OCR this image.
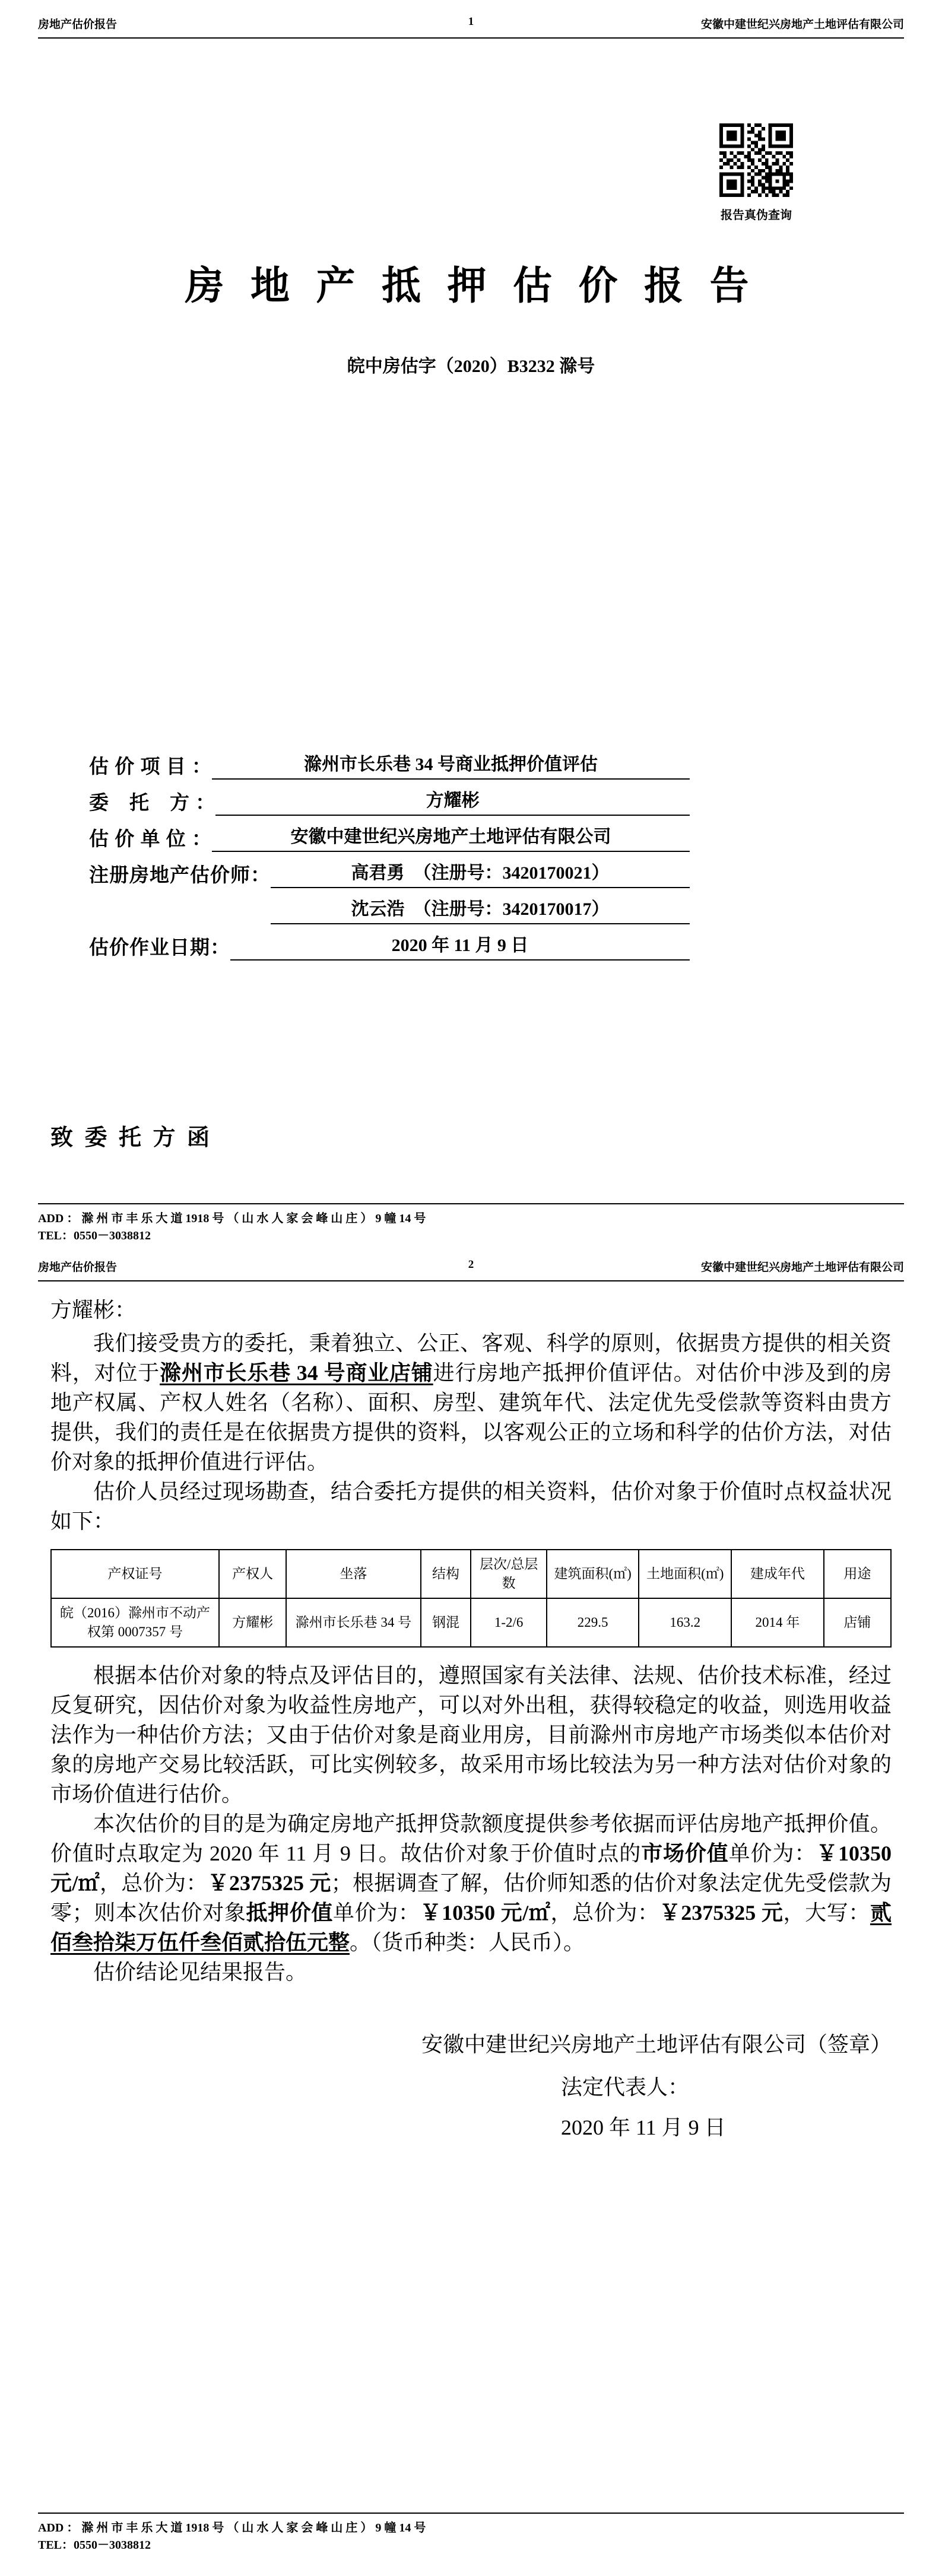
房地产估价报告	1	安徽中建世纪兴房地产土地评估有限公司
报告真伪查询
房 地 产 抵 押 估 价 报 告
皖中房估字（2020）B3232 滁号
估 价 项 目 ：	滁州市长乐巷 34 号商业抵押价值评估
委　托　方 ：	方耀彬
估 价 单 位 ：	安徽中建世纪兴房地产土地评估有限公司
注册房地产估价师：	高君勇　（注册号：3420170021）

沈云浩　（注册号：3420170017）
估价作业日期：	2020 年 11 月 9 日
致 委 托 方 函
ADD ： 滁 州 市 丰 乐 大 道 1918 号 （ 山 水 人 家 会 峰 山 庄 ） 9 幢 14 号
TEL：0550－3038812
房地产估价报告	2	安徽中建世纪兴房地产土地评估有限公司

方耀彬：

我们接受贵方的委托，秉着独立、公正、客观、科学的原则，依据贵方提供的相关资料，对位于滁州市长乐巷 34 号商业店铺进行房地产抵押价值评估。对估价中涉及到的房地产权属、产权人姓名（名称）、面积、房型、建筑年代、法定优先受偿款等资料由贵方提供，我们的责任是在依据贵方提供的资料，以客观公正的立场和科学的估价方法，对估价对象的抵押价值进行评估。

估价人员经过现场勘查，结合委托方提供的相关资料，估价对象于价值时点权益状况如下：

产权证号	产权人	坐落	结构	层次/总层数	建筑面积(㎡)	土地面积(㎡)	建成年代	用途
皖（2016）滁州市不动产权第 0007357 号	方耀彬	滁州市长乐巷 34 号	钢混	1-2/6	229.5	163.2	2014 年	店铺

根据本估价对象的特点及评估目的，遵照国家有关法律、法规、估价技术标准，经过反复研究，因估价对象为收益性房地产，可以对外出租，获得较稳定的收益，则选用收益法作为一种估价方法；又由于估价对象是商业用房，目前滁州市房地产市场类似本估价对象的房地产交易比较活跃，可比实例较多，故采用市场比较法为另一种方法对估价对象的市场价值进行估价。

本次估价的目的是为确定房地产抵押贷款额度提供参考依据而评估房地产抵押价值。价值时点取定为 2020 年 11 月 9 日。故估价对象于价值时点的市场价值单价为：￥10350 元/㎡，总价为：￥2375325 元；根据调查了解，估价师知悉的估价对象法定优先受偿款为零；则本次估价对象抵押价值单价为：￥10350 元/㎡，总价为：￥2375325 元，大写：贰佰叁拾柒万伍仟叁佰贰拾伍元整。（货币种类：人民币）。

估价结论见结果报告。

安徽中建世纪兴房地产土地评估有限公司（签章）

法定代表人：

2020 年 11 月 9 日

ADD ： 滁 州 市 丰 乐 大 道 1918 号 （ 山 水 人 家 会 峰 山 庄 ） 9 幢 14 号
TEL：0550－3038812
